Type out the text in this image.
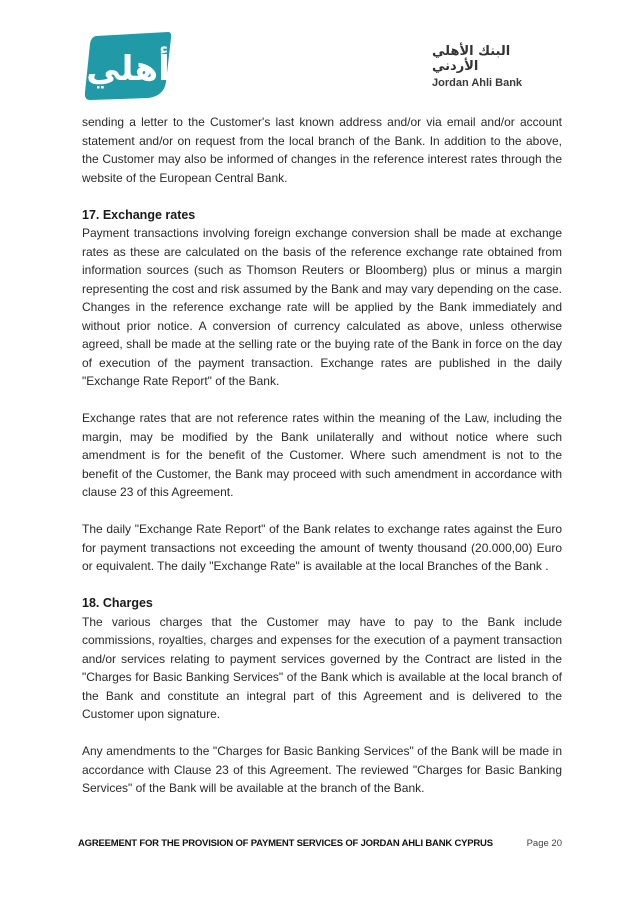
أهلي	البنك الأهلي الأردني
Jordan Ahli Bank

sending a letter to the Customer's last known address and/or via email and/or account statement and/or on request from the local branch of the Bank. In addition to the above, the Customer may also be informed of changes in the reference interest rates through the website of the European Central Bank.

17. Exchange rates

Payment transactions involving foreign exchange conversion shall be made at exchange rates as these are calculated on the basis of the reference exchange rate obtained from information sources (such as Thomson Reuters or Bloomberg) plus or minus a margin representing the cost and risk assumed by the Bank and may vary depending on the case. Changes in the reference exchange rate will be applied by the Bank immediately and without prior notice. A conversion of currency calculated as above, unless otherwise agreed, shall be made at the selling rate or the buying rate of the Bank in force on the day of execution of the payment transaction. Exchange rates are published in the daily "Exchange Rate Report" of the Bank.

Exchange rates that are not reference rates within the meaning of the Law, including the margin, may be modified by the Bank unilaterally and without notice where such amendment is for the benefit of the Customer. Where such amendment is not to the benefit of the Customer, the Bank may proceed with such amendment in accordance with clause 23 of this Agreement.

The daily "Exchange Rate Report" of the Bank relates to exchange rates against the Euro for payment transactions not exceeding the amount of twenty thousand (20.000,00) Euro or equivalent. The daily "Exchange Rate" is available at the local Branches of the Bank .

18. Charges

The various charges that the Customer may have to pay to the Bank include commissions, royalties, charges and expenses for the execution of a payment transaction and/or services relating to payment services governed by the Contract are listed in the "Charges for Basic Banking Services" of the Bank which is available at the local branch of the Bank and constitute an integral part of this Agreement and is delivered to the Customer upon signature.

Any amendments to the "Charges for Basic Banking Services" of the Bank will be made in accordance with Clause 23 of this Agreement. The reviewed "Charges for Basic Banking Services" of the Bank will be available at the branch of the Bank.

AGREEMENT FOR THE PROVISION OF PAYMENT SERVICES OF JORDAN AHLI BANK CYPRUS	Page 20
